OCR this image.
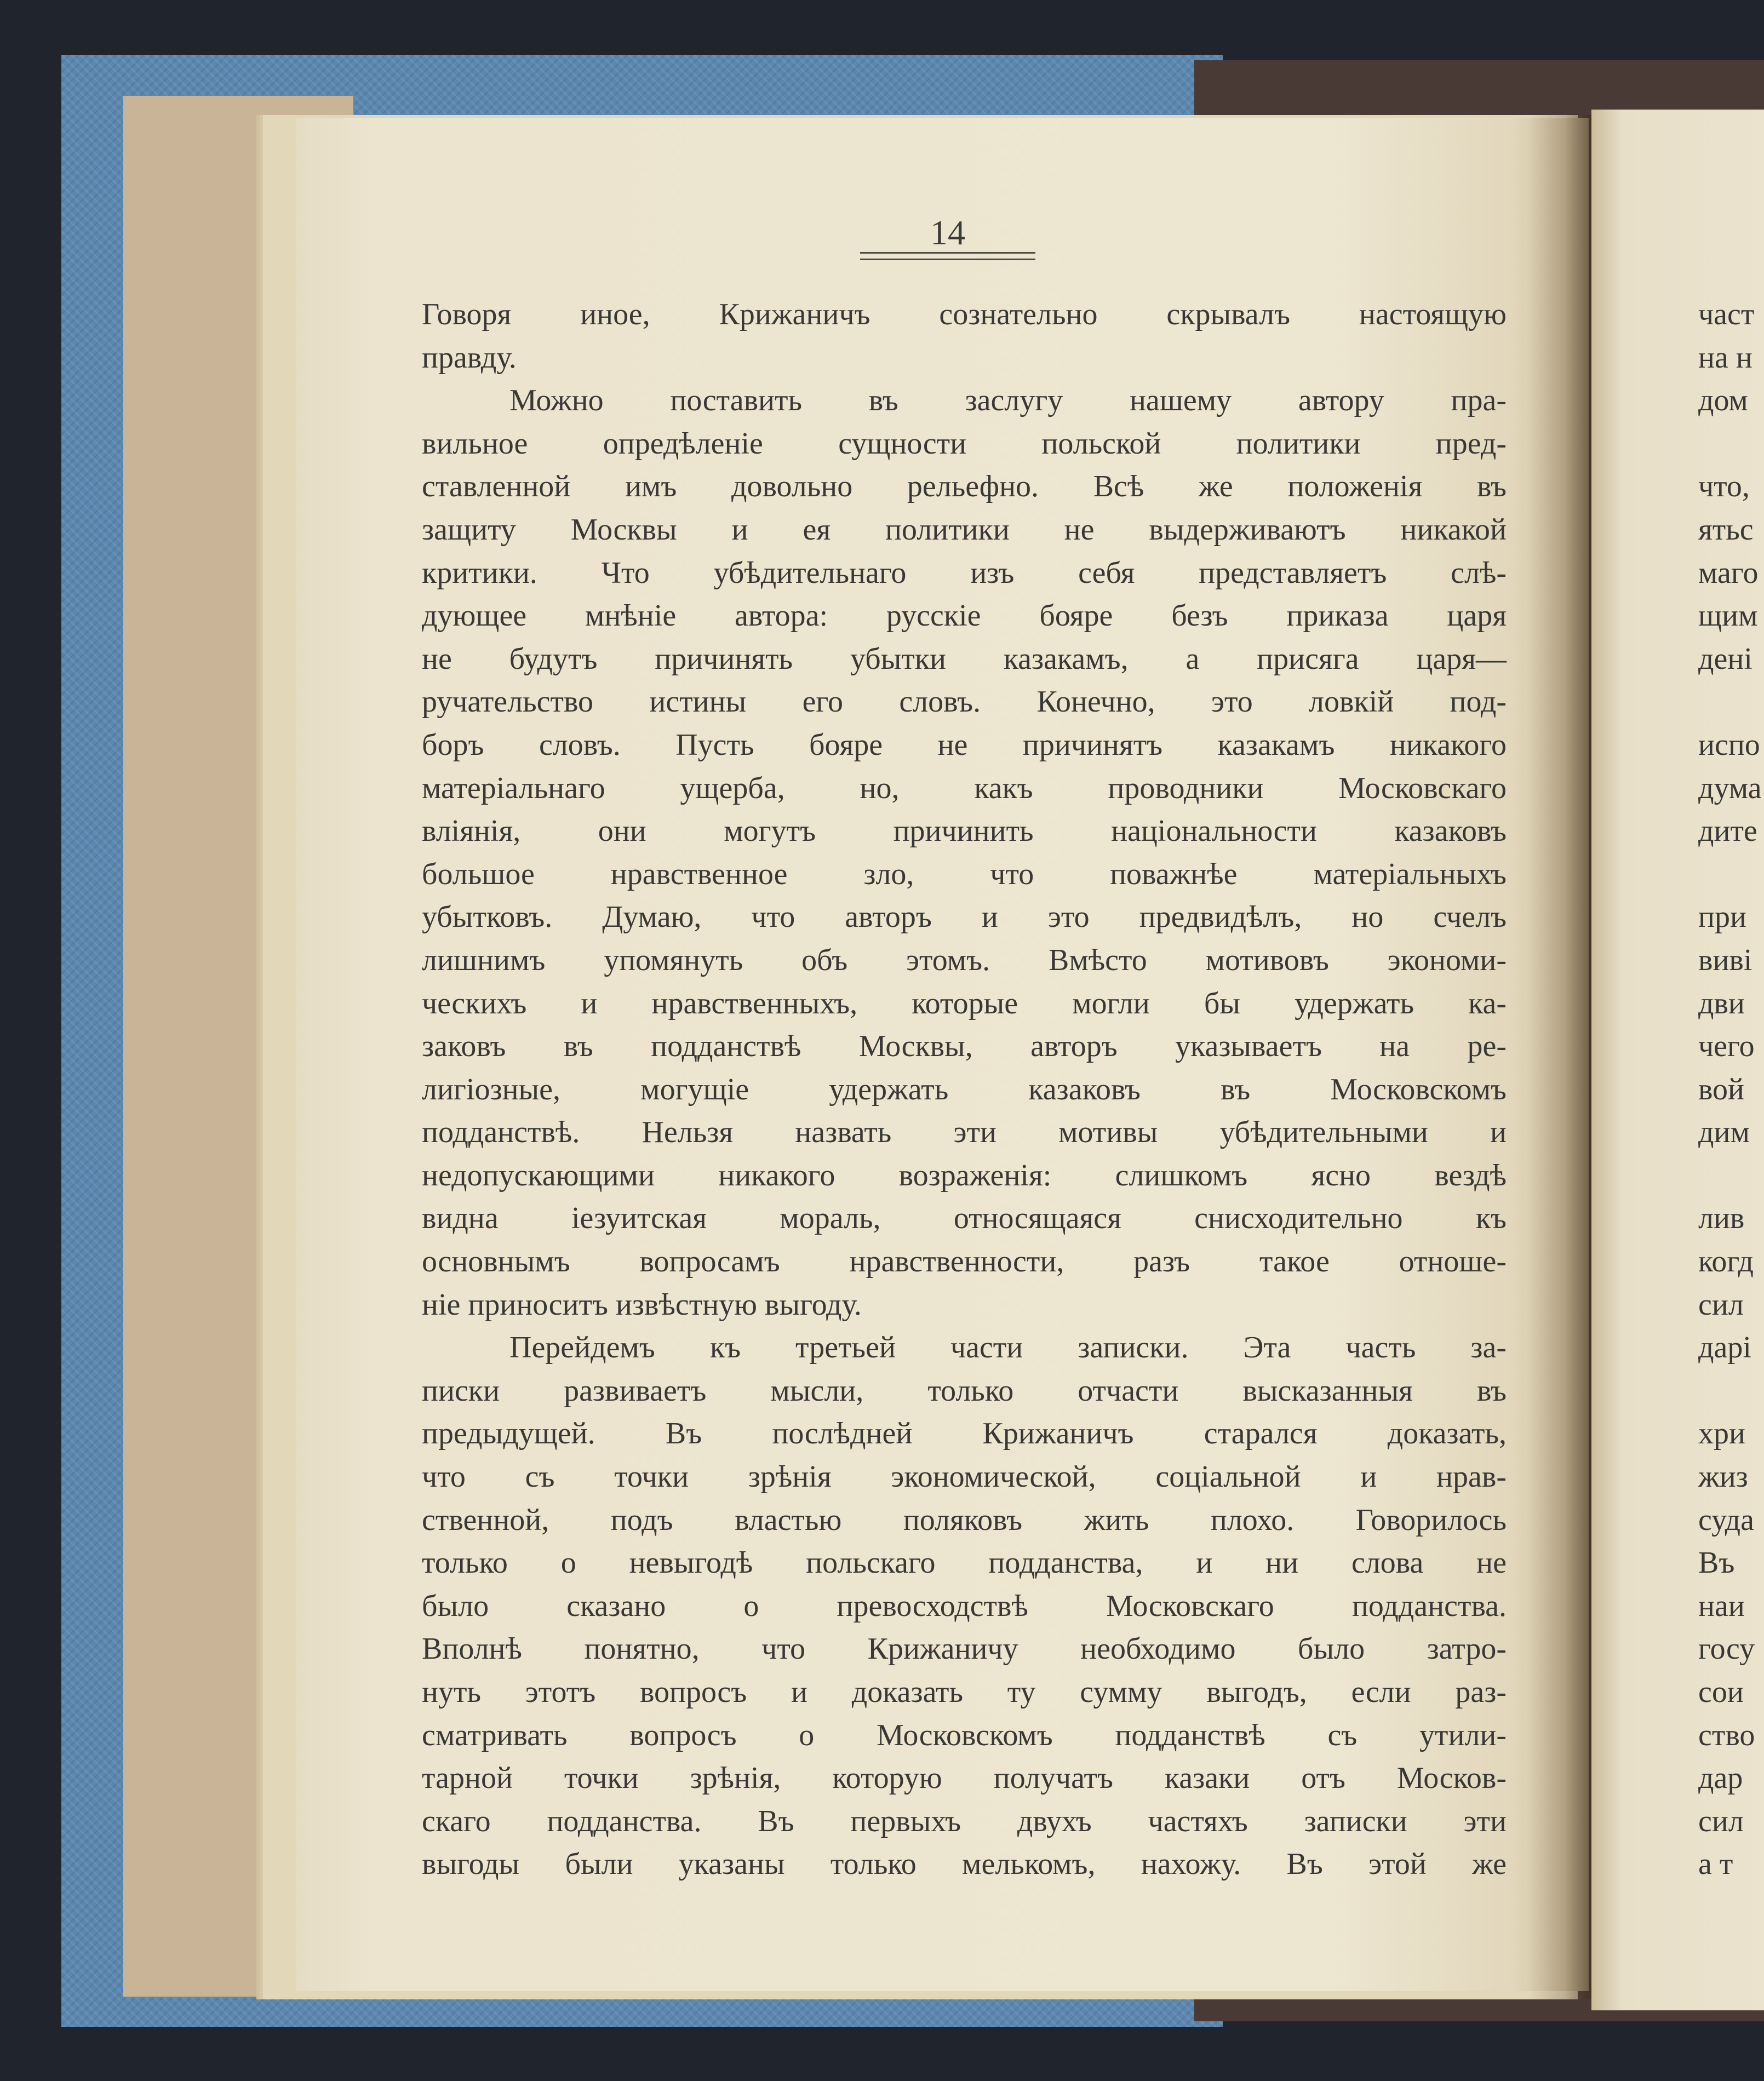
14
Говоря иное, Крижаничъ сознательно скрывалъ настоящую
правду.
Можно поставить въ заслугу нашему автору пра-
вильное опредѣленіе сущности польской политики пред-
ставленной имъ довольно рельефно. Всѣ же положенія въ
защиту Москвы и ея политики не выдерживаютъ никакой
критики. Что убѣдительнаго изъ себя представляетъ слѣ-
дующее мнѣніе автора: русскіе бояре безъ приказа царя
не будутъ причинять убытки казакамъ, а присяга царя—
ручательство истины его словъ. Конечно, это ловкій под-
боръ словъ. Пусть бояре не причинятъ казакамъ никакого
матеріальнаго ущерба, но, какъ проводники Московскаго
вліянія, они могутъ причинить національности казаковъ
большое нравственное зло, что поважнѣе матеріальныхъ
убытковъ. Думаю, что авторъ и это предвидѣлъ, но счелъ
лишнимъ упомянуть объ этомъ. Вмѣсто мотивовъ экономи-
ческихъ и нравственныхъ, которые могли бы удержать ка-
заковъ въ подданствѣ Москвы, авторъ указываетъ на ре-
лигіозные, могущіе удержать казаковъ въ Московскомъ
подданствѣ. Нельзя назвать эти мотивы убѣдительными и
недопускающими никакого возраженія: слишкомъ ясно вездѣ
видна іезуитская мораль, относящаяся снисходительно къ
основнымъ вопросамъ нравственности, разъ такое отноше-
ніе приноситъ извѣстную выгоду.
Перейдемъ къ третьей части записки. Эта часть за-
писки развиваетъ мысли, только отчасти высказанныя въ
предыдущей. Въ послѣдней Крижаничъ старался доказать,
что съ точки зрѣнія экономической, соціальной и нрав-
ственной, подъ властью поляковъ жить плохо. Говорилось
только о невыгодѣ польскаго подданства, и ни слова не
было сказано о превосходствѣ Московскаго подданства.
Вполнѣ понятно, что Крижаничу необходимо было затро-
нуть этотъ вопросъ и доказать ту сумму выгодъ, если раз-
сматривать вопросъ о Московскомъ подданствѣ съ утили-
тарной точки зрѣнія, которую получатъ казаки отъ Москов-
скаго подданства. Въ первыхъ двухъ частяхъ записки эти
выгоды были указаны только мелькомъ, нахожу. Въ этой же
част
на н
дом
что,
ятьс
маго
щим
дені
испо
дума
дите
при
виві
дви
чего
вой
дим
лив
когд
сил
дарі
хри
жиз
суда
Въ
наи
госу
сои
ство
дар
сил
а т
